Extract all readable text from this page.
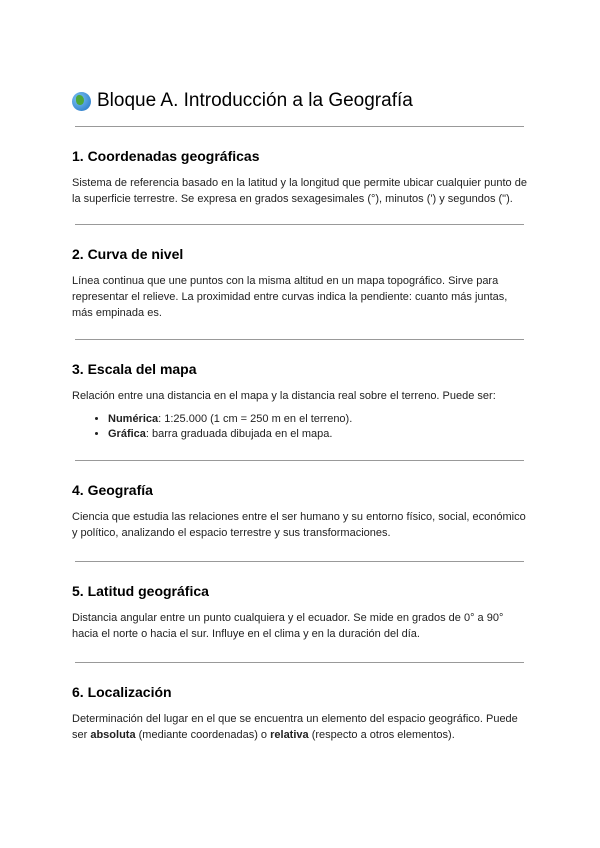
Bloque A. Introducción a la Geografía
1. Coordenadas geográficas

Sistema de referencia basado en la latitud y la longitud que permite ubicar cualquier punto de la superficie terrestre. Se expresa en grados sexagesimales (°), minutos (') y segundos (").

2. Curva de nivel

Línea continua que une puntos con la misma altitud en un mapa topográfico. Sirve para representar el relieve. La proximidad entre curvas indica la pendiente: cuanto más juntas, más empinada es.

3. Escala del mapa

Relación entre una distancia en el mapa y la distancia real sobre el terreno. Puede ser:

• Numérica: 1:25.000 (1 cm = 250 m en el terreno).
• Gráfica: barra graduada dibujada en el mapa.
4. Geografía

Ciencia que estudia las relaciones entre el ser humano y su entorno físico, social, económico y político, analizando el espacio terrestre y sus transformaciones.

5. Latitud geográfica

Distancia angular entre un punto cualquiera y el ecuador. Se mide en grados de 0° a 90° hacia el norte o hacia el sur. Influye en el clima y en la duración del día.

6. Localización

Determinación del lugar en el que se encuentra un elemento del espacio geográfico. Puede ser absoluta (mediante coordenadas) o relativa (respecto a otros elementos).
